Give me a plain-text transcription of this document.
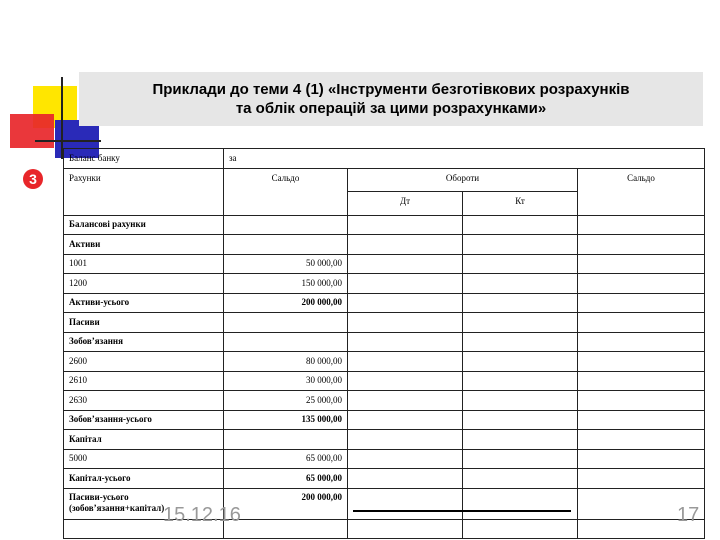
Приклади до теми 4 (1) «Інструменти безготівкових розрахунків
та облік операцій за цими розрахунками»
3
Баланс банку	за			
Рахунки	Сальдо	Обороти		Сальдо
		Дт	Кт	
Балансові рахунки				
Активи				
1001	50 000,00			
1200	150 000,00			
Активи-усього	200 000,00			
Пасиви				
Зобов’язання				
2600	80 000,00			
2610	30 000,00			
2630	25 000,00			
Зобов’язання-усього	135 000,00			
Капітал				
5000	65 000,00			
Капітал-усього	65 000,00			

Пасиви-усього
(зобов’язання+капітал)	200 000,00			

15.12.16	17
